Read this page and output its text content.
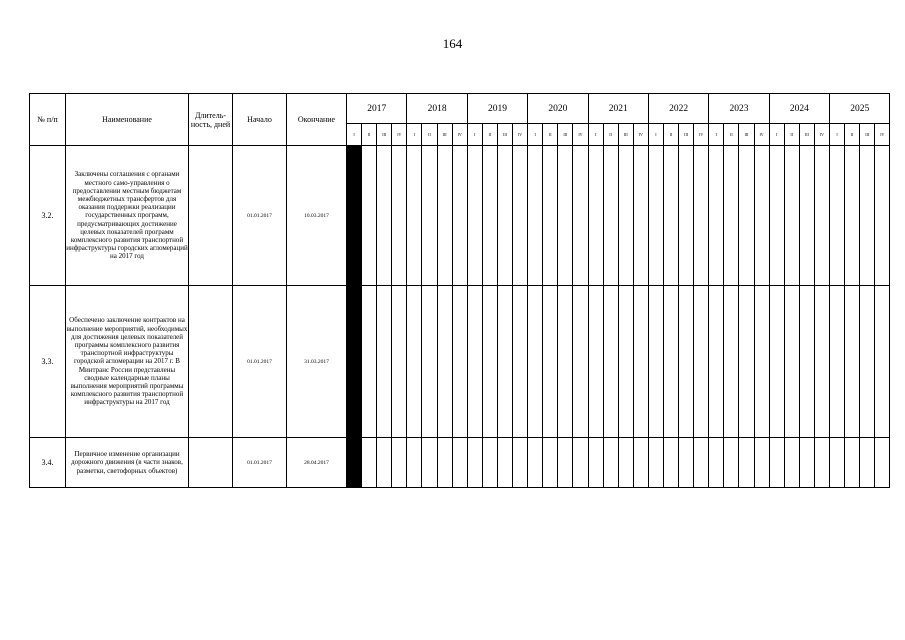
164
№ п/п	Наименование	Длитель-ность, дней	Начало	Окончание	2017				2018				2019				2020				2021				2022				2023				2024				2025			
					I	II	III	IV	I	II	III	IV	I	II	III	IV	I	II	III	IV	I	II	III	IV	I	II	III	IV	I	II	III	IV	I	II	III	IV	I	II	III	IV
3.2.	Заключены соглашения с органами местного само-управления о предоставлении местным бюджетам межбюджетных трансфертов для оказания поддержки реализации государственных программ, предусматривающих достижение целевых показателей программ комплексного развития транспортной инфраструктуры городских агломераций на 2017 год		01.01.2017	10.03.2017																																				
3.3.	Обеспечено заключение контрактов на выполнение мероприятий, необходимых для достижения целевых показателей программы комплексного развития транспортной инфраструктуры городской агломерации на 2017 г. В Минтранс России представлены сводные календарные планы выполнения мероприятий программы комплексного развития транспортной инфраструктуры на 2017 год		01.01.2017	31.03.2017																																				
3.4.	Первичное изменение организации дорожного движения (в части знаков, разметки, светофорных объектов)		01.01.2017	28.04.2017																																				
